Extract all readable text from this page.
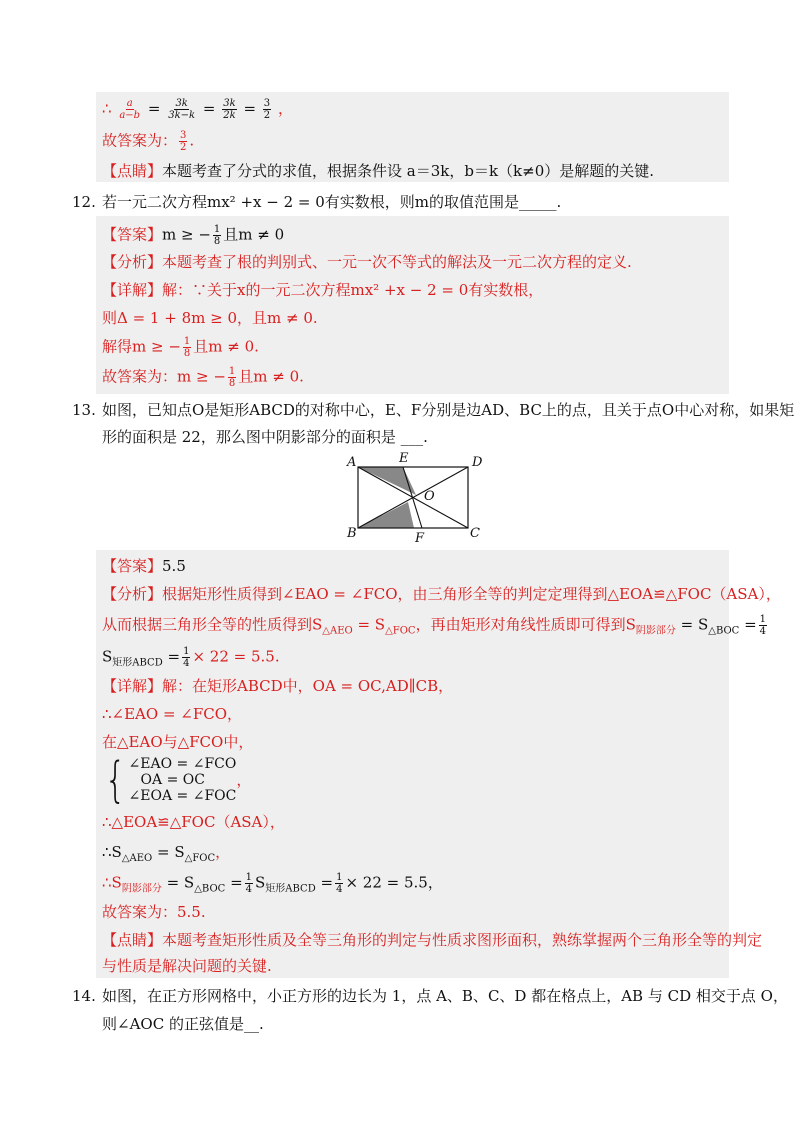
∴ $\frac{a}{a-b} = \frac{3k}{3k-k} = \frac{3k}{2k} = \frac{3}{2}$ ，
故答案为： $\frac{3}{2}$ .
【点睛】本题考查了分式的求值，根据条件设 a＝3k，b＝k（k≠0）是解题的关键.
12. 若一元二次方程mx² +x − 2 = 0有实数根，则m的取值范围是_____.
【答案】m ≥ − $\frac{1}{8}$ 且m ≠ 0
【分析】本题考查了根的判别式、一元一次不等式的解法及一元二次方程的定义.
【详解】解：∵关于x的一元二次方程mx² +x − 2 = 0有实数根，
则Δ = 1 + 8m ≥ 0，且m ≠ 0.
解得m ≥ − $\frac{1}{8}$ 且m ≠ 0.
故答案为：m ≥ − $\frac{1}{8}$ 且m ≠ 0.
13. 如图，已知点O是矩形ABCD的对称中心，E、F分别是边AD、BC上的点，且关于点O中心对称，如果矩
形的面积是 22，那么图中阴影部分的面积是 ___.
A	E	D
O
B	F	C
【答案】5.5
【分析】根据矩形性质得到∠EAO = ∠FCO，由三角形全等的判定定理得到△EOA≌△FOC（ASA），
从而根据三角形全等的性质得到$S_{\triangle AEO} = S_{\triangle FOC}$，再由矩形对角线性质即可得到$S_{阴影部分} = S_{\triangle BOC} = \frac{1}{4}$
$S_{矩形ABCD} = \frac{1}{4} \times 22 = 5.5$.
【详解】解：在矩形ABCD中，OA = OC,AD∥CB，
∴∠EAO = ∠FCO，
在△EAO与△FCO中，
{ ∠EAO = ∠FCO
OA = OC
∠EOA = ∠FOC
，
∴△EOA≌△FOC（ASA），
$\therefore S_{\triangle AEO} = S_{\triangle FOC}$，
$\therefore S_{阴影部分} = S_{\triangle BOC} = \frac{1}{4} S_{矩形ABCD} = \frac{1}{4} \times 22 = 5.5$，
故答案为：5.5.
【点睛】本题考查矩形性质及全等三角形的判定与性质求图形面积，熟练掌握两个三角形全等的判定
与性质是解决问题的关键.
14. 如图，在正方形网格中，小正方形的边长为 1，点 A、B、C、D 都在格点上，AB 与 CD 相交于点 O，
则∠AOC 的正弦值是__.
